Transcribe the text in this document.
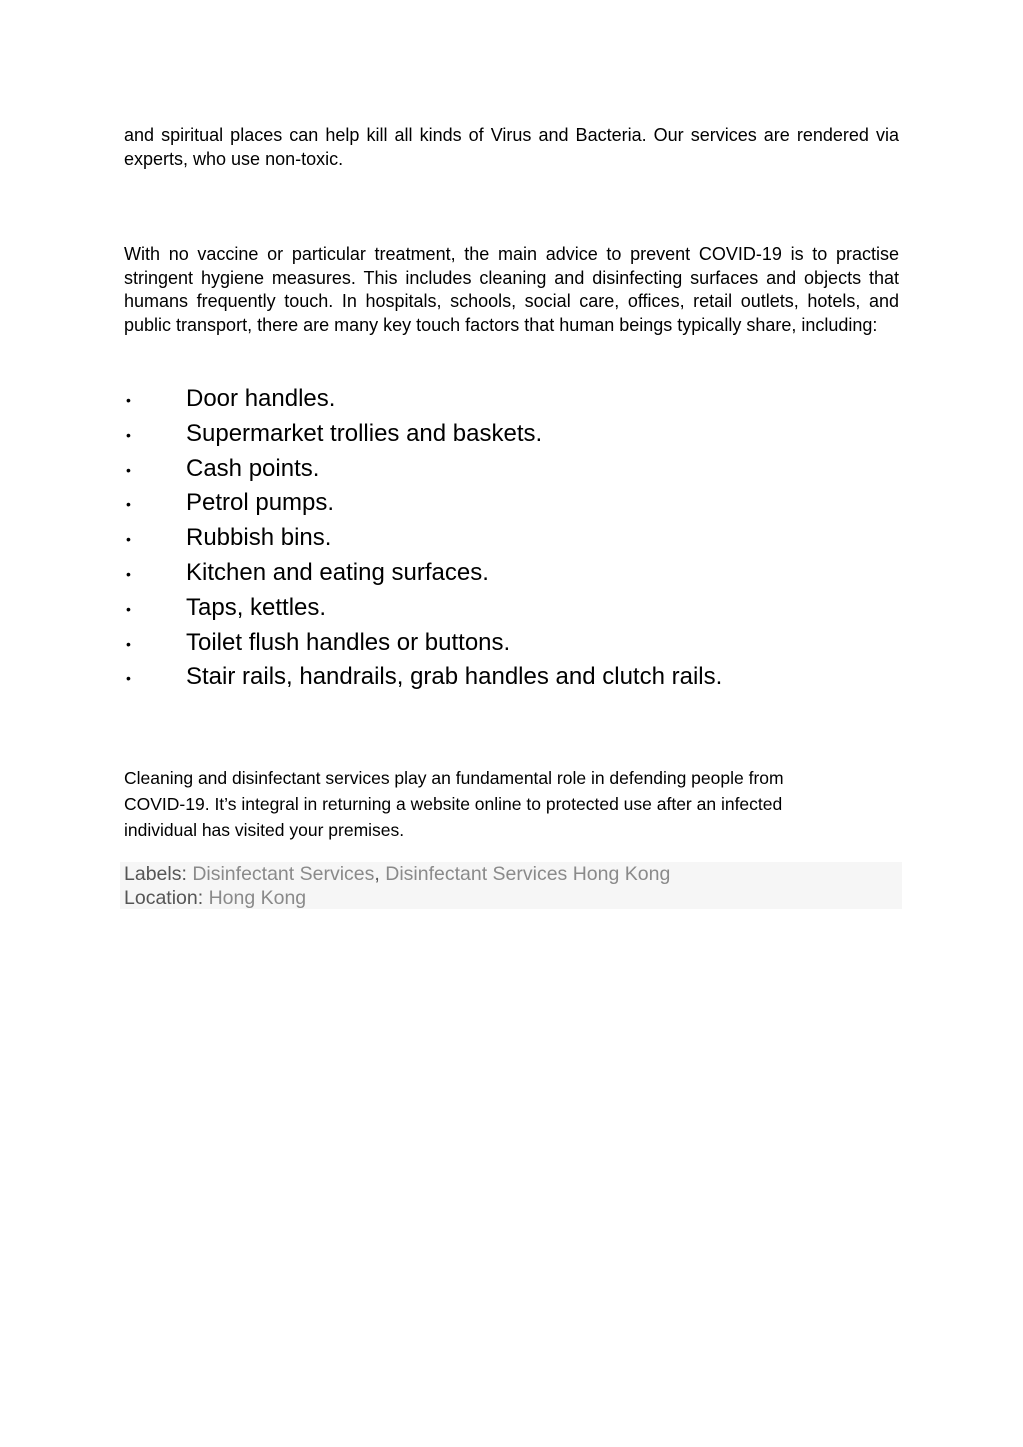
and spiritual places can help kill all kinds of Virus and Bacteria. Our services are rendered via experts, who use non-toxic.

With no vaccine or particular treatment, the main advice to prevent COVID-19 is to practise stringent hygiene measures. This includes cleaning and disinfecting surfaces and objects that humans frequently touch. In hospitals, schools, social care, offices, retail outlets, hotels, and public transport, there are many key touch factors that human beings typically share, including:

• Door handles.
• Supermarket trollies and baskets.
• Cash points.
• Petrol pumps.
• Rubbish bins.
• Kitchen and eating surfaces.
• Taps, kettles.
• Toilet flush handles or buttons.
• Stair rails, handrails, grab handles and clutch rails.
Cleaning and disinfectant services play an fundamental role in defending people from
COVID-19. It’s integral in returning a website online to protected use after an infected
individual has visited your premises.
Labels: Disinfectant Services, Disinfectant Services Hong Kong
Location: Hong Kong
